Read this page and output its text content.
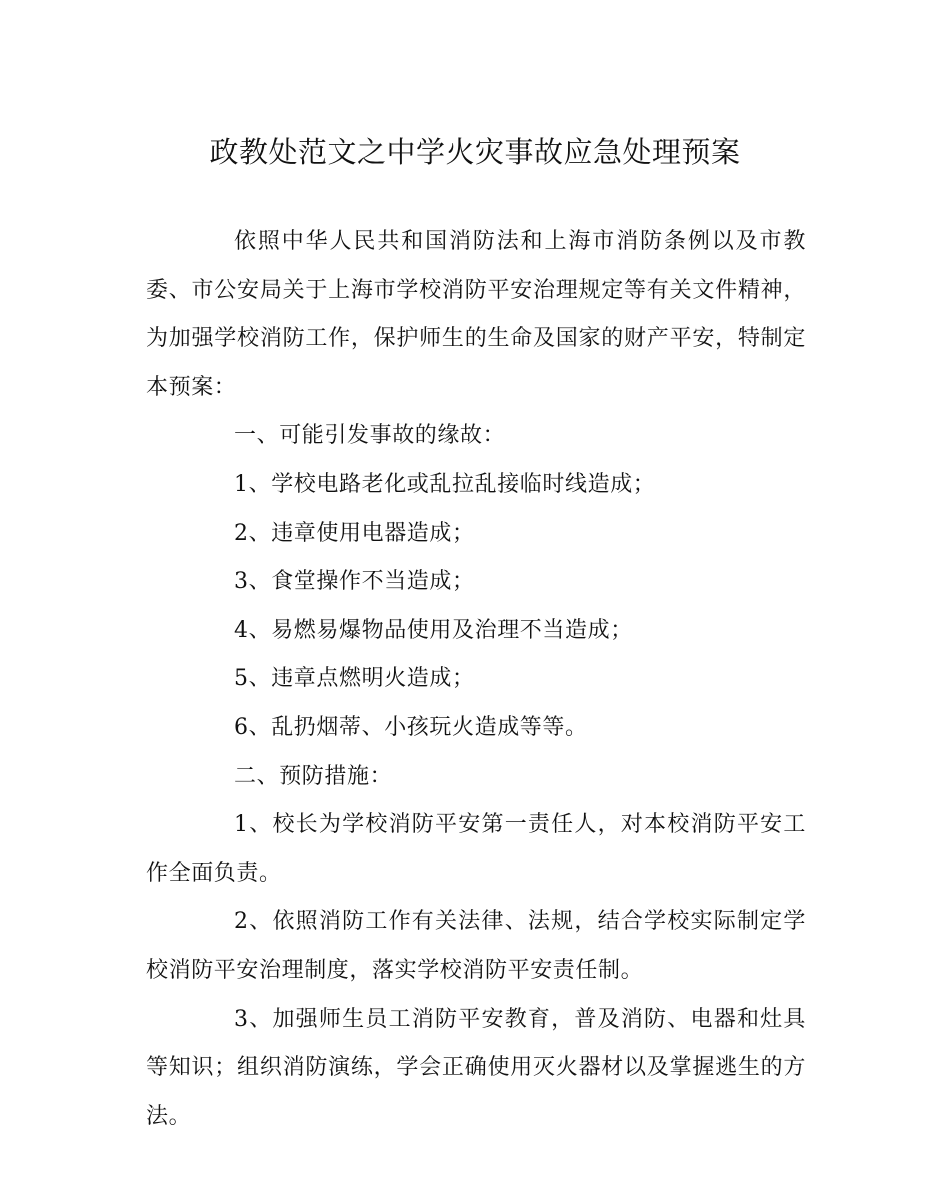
政教处范文之中学火灾事故应急处理预案

依照中华人民共和国消防法和上海市消防条例以及市教委、市公安局关于上海市学校消防平安治理规定等有关文件精神，为加强学校消防工作，保护师生的生命及国家的财产平安，特制定本预案：

一、可能引发事故的缘故：

1、学校电路老化或乱拉乱接临时线造成；

2、违章使用电器造成；

3、食堂操作不当造成；

4、易燃易爆物品使用及治理不当造成；

5、违章点燃明火造成；

6、乱扔烟蒂、小孩玩火造成等等。

二、预防措施：

1、校长为学校消防平安第一责任人，对本校消防平安工作全面负责。

2、依照消防工作有关法律、法规，结合学校实际制定学校消防平安治理制度，落实学校消防平安责任制。

3、加强师生员工消防平安教育，普及消防、电器和灶具等知识；组织消防演练，学会正确使用灭火器材以及掌握逃生的方法。
